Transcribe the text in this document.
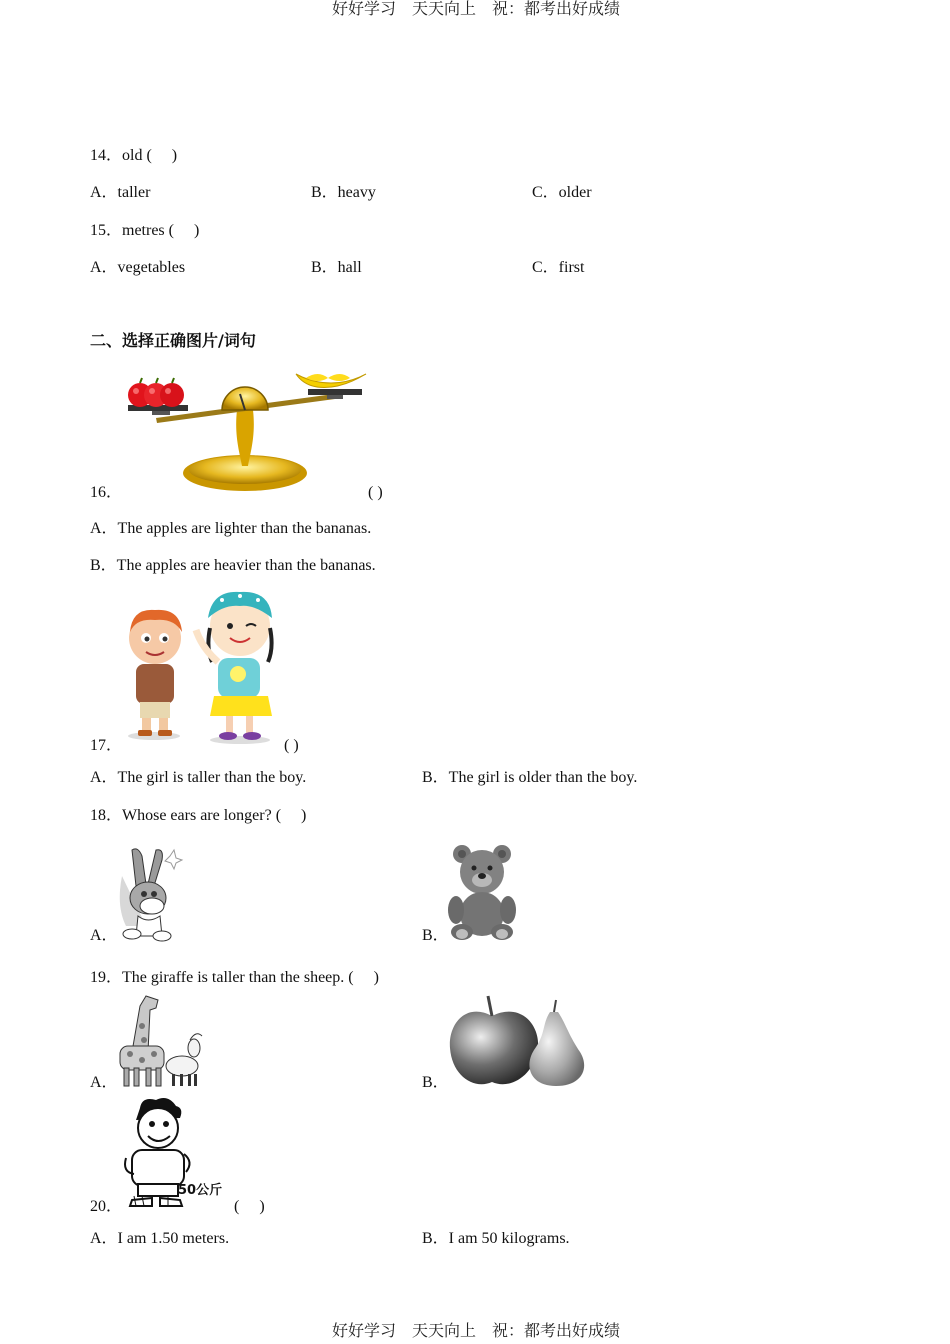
好好学习　天天向上　祝：都考出好成绩
好好学习　天天向上　祝：都考出好成绩
14．old (　 )
A．taller	B．heavy	C．older
15．metres (　 )
A．vegetables	B．hall	C．first
二、选择正确图片/词句
16．	( )
A．The apples are lighter than the bananas.
B．The apples are heavier than the bananas.
17．	( )
A．The girl is taller than the boy.	B．The girl is older than the boy.
18．Whose ears are longer? (　 )
A．	B．
19．The giraffe is taller than the sheep. (　 )
A．	B．
50公斤
20．	(　 )
A．I am 1.50 meters.	B．I am 50 kilograms.
